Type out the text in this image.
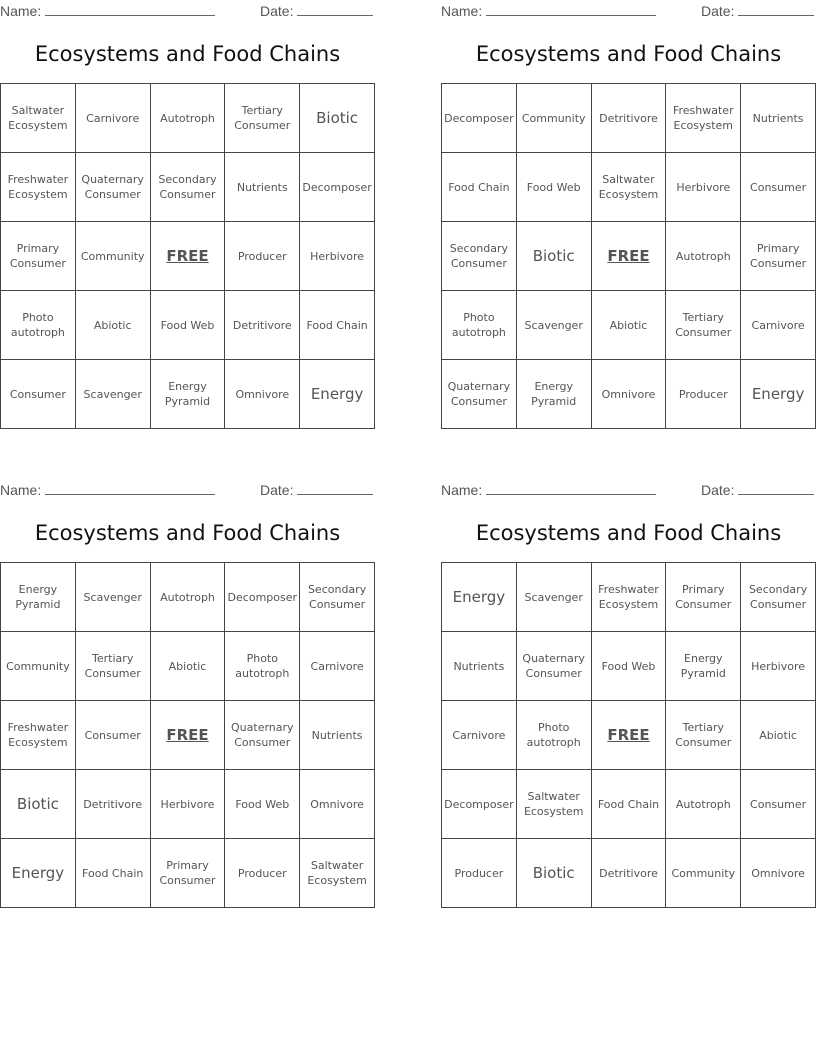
Name:	Date:
Ecosystems and Food Chains
Saltwater Ecosystem	Carnivore	Autotroph	Tertiary Consumer	Biotic
Freshwater Ecosystem	Quaternary Consumer	Secondary Consumer	Nutrients	Decomposer
Primary Consumer	Community	FREE	Producer	Herbivore
Photo autotroph	Abiotic	Food Web	Detritivore	Food Chain
Consumer	Scavenger	Energy Pyramid	Omnivore	Energy
Name:	Date:
Ecosystems and Food Chains
Decomposer	Community	Detritivore	Freshwater Ecosystem	Nutrients
Food Chain	Food Web	Saltwater Ecosystem	Herbivore	Consumer
Secondary Consumer	Biotic	FREE	Autotroph	Primary Consumer
Photo autotroph	Scavenger	Abiotic	Tertiary Consumer	Carnivore
Quaternary Consumer	Energy Pyramid	Omnivore	Producer	Energy
Name:	Date:
Ecosystems and Food Chains
Energy Pyramid	Scavenger	Autotroph	Decomposer	Secondary Consumer
Community	Tertiary Consumer	Abiotic	Photo autotroph	Carnivore
Freshwater Ecosystem	Consumer	FREE	Quaternary Consumer	Nutrients
Biotic	Detritivore	Herbivore	Food Web	Omnivore
Energy	Food Chain	Primary Consumer	Producer	Saltwater Ecosystem
Name:	Date:
Ecosystems and Food Chains
Energy	Scavenger	Freshwater Ecosystem	Primary Consumer	Secondary Consumer
Nutrients	Quaternary Consumer	Food Web	Energy Pyramid	Herbivore
Carnivore	Photo autotroph	FREE	Tertiary Consumer	Abiotic
Decomposer	Saltwater Ecosystem	Food Chain	Autotroph	Consumer
Producer	Biotic	Detritivore	Community	Omnivore
